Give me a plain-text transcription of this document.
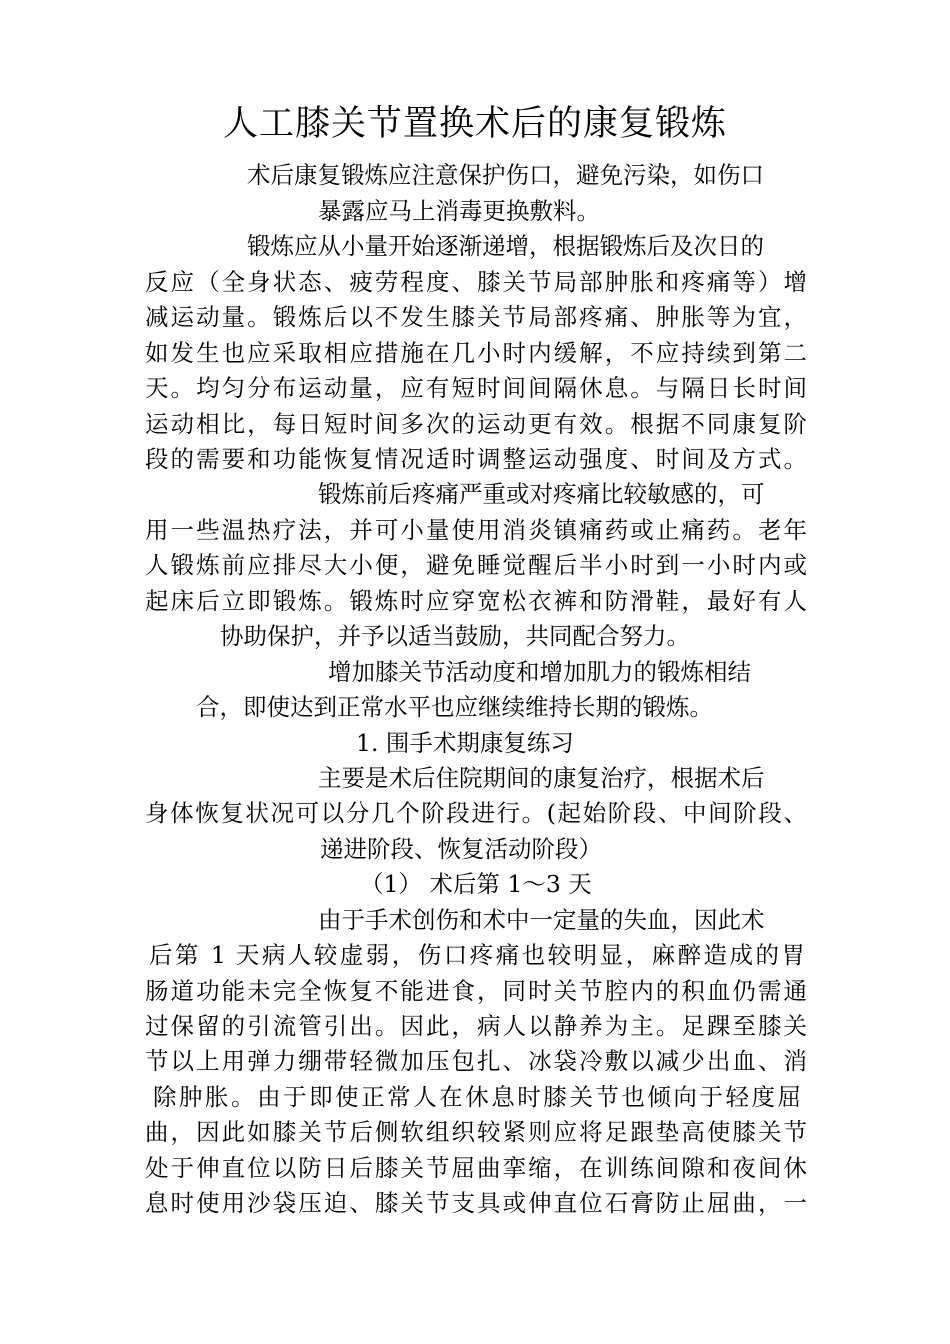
人工膝关节置换术后的康复锻炼
术后康复锻炼应注意保护伤口，避免污染，如伤口
暴露应马上消毒更换敷料。
锻炼应从小量开始逐渐递增，根据锻炼后及次日的
反应（全身状态、疲劳程度、膝关节局部肿胀和疼痛等）增
减运动量。锻炼后以不发生膝关节局部疼痛、肿胀等为宜，
如发生也应采取相应措施在几小时内缓解，不应持续到第二
天。均匀分布运动量，应有短时间间隔休息。与隔日长时间
运动相比，每日短时间多次的运动更有效。根据不同康复阶
段的需要和功能恢复情况适时调整运动强度、时间及方式。
锻炼前后疼痛严重或对疼痛比较敏感的，可
用一些温热疗法，并可小量使用消炎镇痛药或止痛药。老年
人锻炼前应排尽大小便，避免睡觉醒后半小时到一小时内或
起床后立即锻炼。锻炼时应穿宽松衣裤和防滑鞋，最好有人
协助保护，并予以适当鼓励，共同配合努力。
增加膝关节活动度和增加肌力的锻炼相结
合，即使达到正常水平也应继续维持长期的锻炼。
1. 围手术期康复练习
主要是术后住院期间的康复治疗，根据术后
身体恢复状况可以分几个阶段进行。(起始阶段、中间阶段、
递进阶段、恢复活动阶段）
（1） 术后第 1～3 天
由于手术创伤和术中一定量的失血，因此术
后第 1 天病人较虚弱，伤口疼痛也较明显，麻醉造成的胃
肠道功能未完全恢复不能进食，同时关节腔内的积血仍需通
过保留的引流管引出。因此，病人以静养为主。足踝至膝关
节以上用弹力绷带轻微加压包扎、冰袋冷敷以减少出血、消
除肿胀。由于即使正常人在休息时膝关节也倾向于轻度屈
曲，因此如膝关节后侧软组织较紧则应将足跟垫高使膝关节
处于伸直位以防日后膝关节屈曲挛缩，在训练间隙和夜间休
息时使用沙袋压迫、膝关节支具或伸直位石膏防止屈曲，一
